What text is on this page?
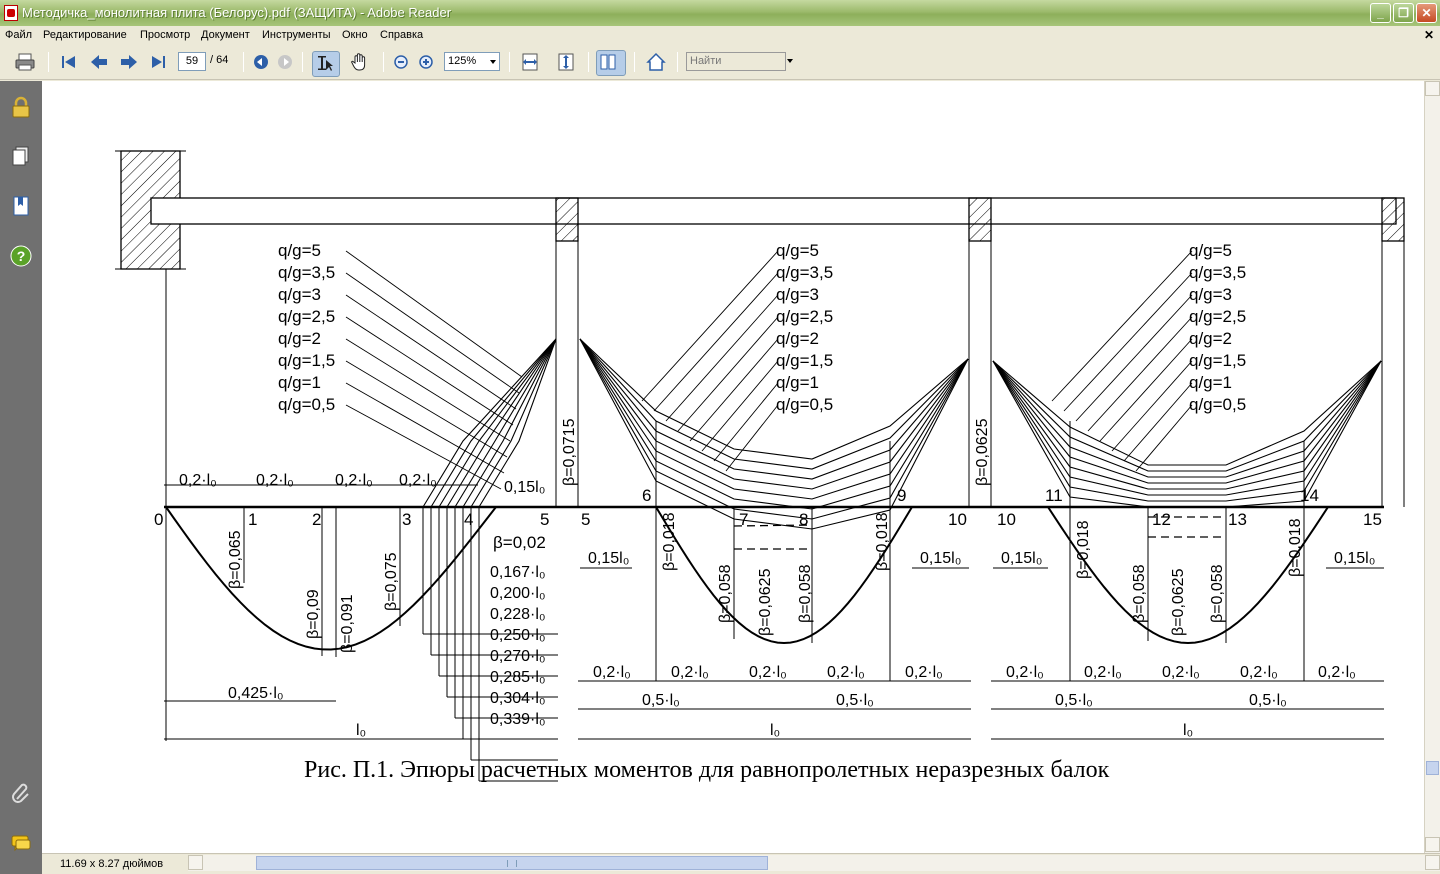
Методичка_монолитная плита (Белорус).pdf (ЗАЩИТА) - Adobe Reader	_	❐	✕
Файл Редактирование Просмотр Документ Инструменты Окно Справка	✕
59	/ 64	125%	Найти
?	q/g=5
q/g=3,5
q/g=3
q/g=2,5
q/g=2
q/g=1,5
q/g=1
q/g=0,5
q/g=5
q/g=3,5
q/g=3
q/g=2,5
q/g=2
q/g=1,5
q/g=1
q/g=0,5
q/g=5
q/g=3,5
q/g=3
q/g=2,5
q/g=2
q/g=1,5
q/g=1
q/g=0,5
0	1	2	3	4	5
0,2·l₀ 0,2·l₀	0,2·l₀ 0,2·l₀	0,15l₀
β=0,065
β=0,09 β=0,091
β=0,075
β=0,02
0,167·l₀
0,200·l₀
0,228·l₀
0,250·l₀
0,270·l₀
0,285·l₀
0,304·l₀
0,339·l₀
0,425·l₀
l₀
β=0,0715	β=0,0625
5
6
7	8
9
10
0,15l₀	0,15l₀
β=0,018
β=0,058 β=0,0625 β=0,058
β=0,018
0,2·l₀	0,2·l₀	0,2·l₀	0,2·l₀	0,2·l₀
0,5·l₀	0,5·l₀
l₀
10
11
12	13
14
15
0,15l₀	0,15l₀
β=0,018
β=0,058 β=0,0625 β=0,058
β=0,018
0,2·l₀	0,2·l₀	0,2·l₀	0,2·l₀	0,2·l₀
0,5·l₀	0,5·l₀
l₀
Рис. П.1. Эпюры расчетных моментов для равнопролетных неразрезных балок
11.69 x 8.27 дюймов
